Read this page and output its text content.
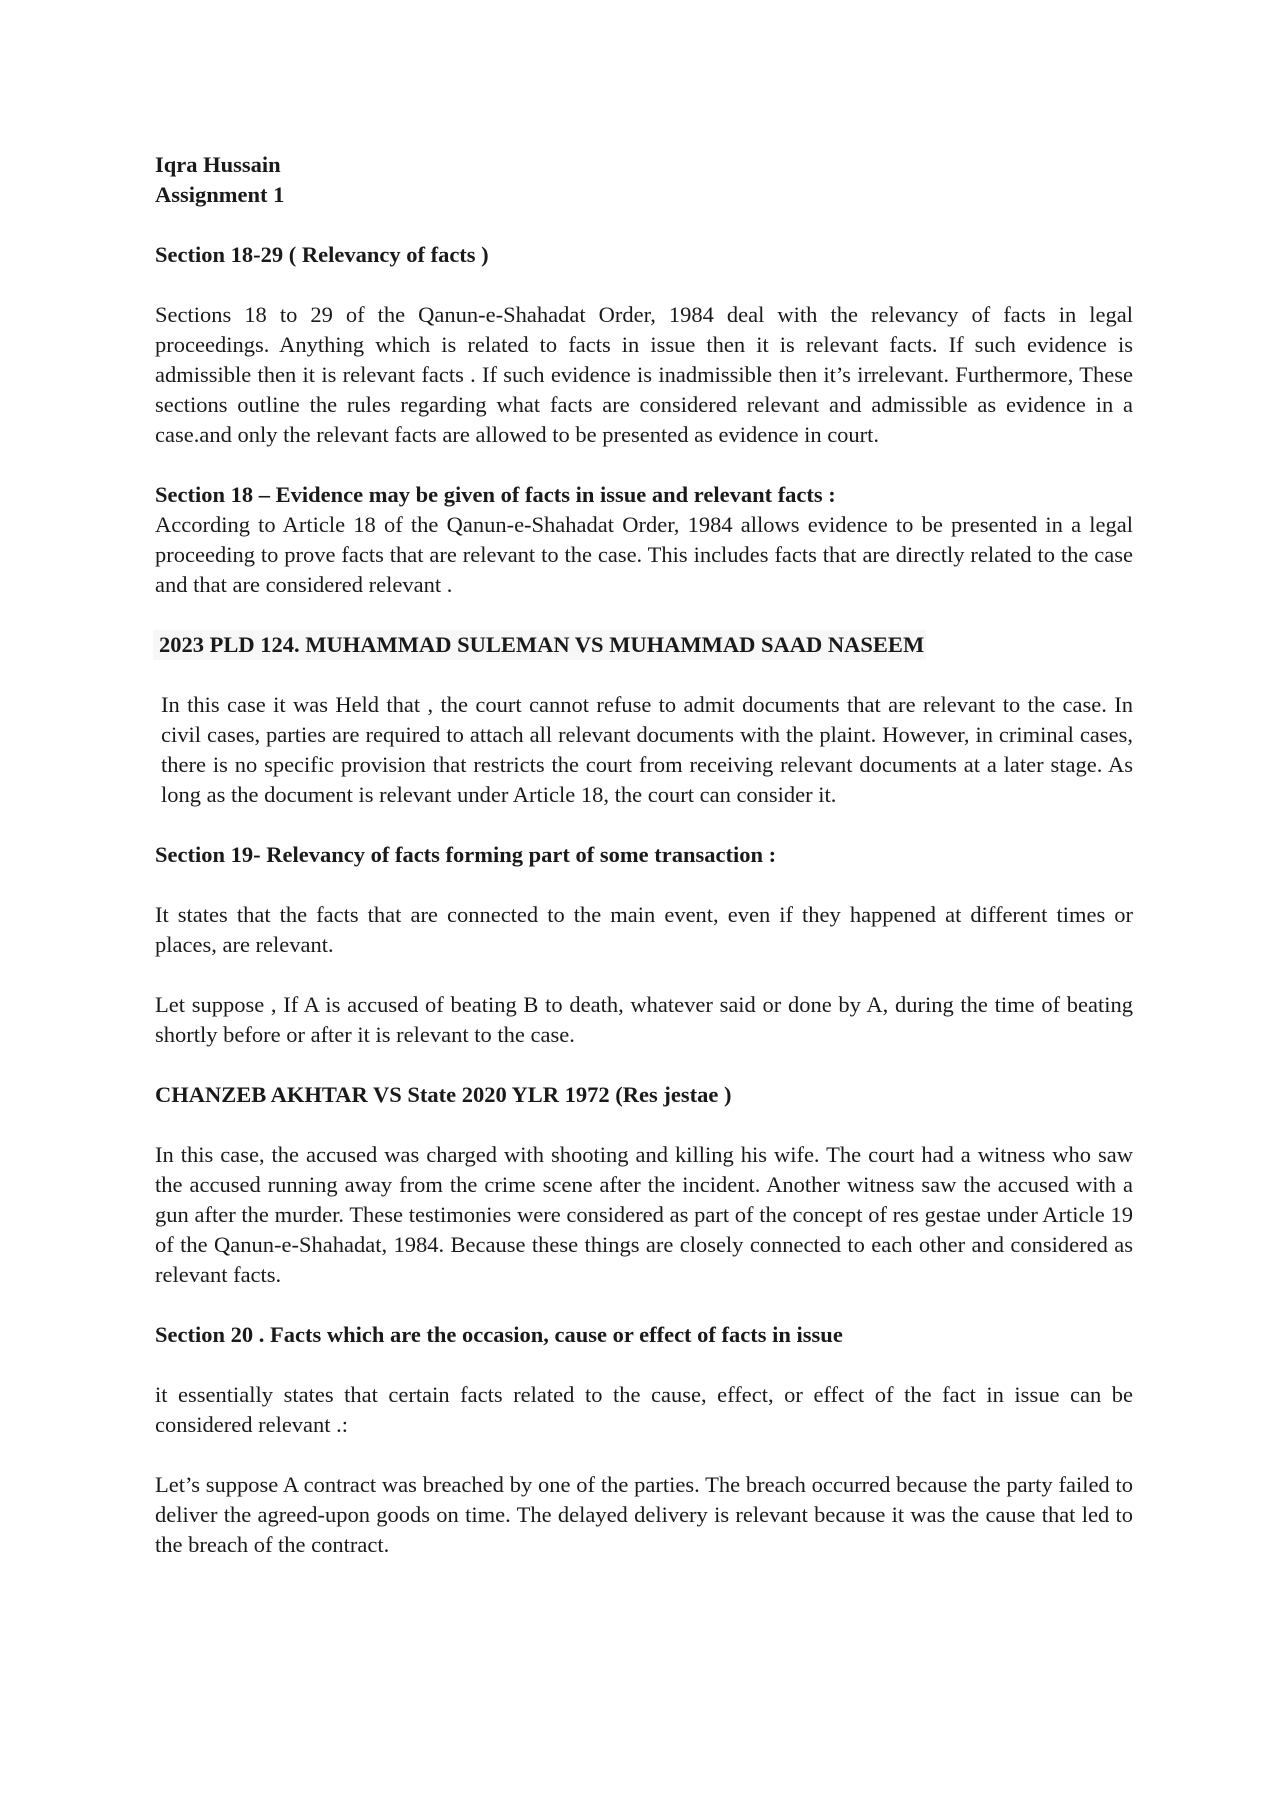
Iqra Hussain

Assignment 1

Section 18-29 ( Relevancy of facts )

Sections 18 to 29 of the Qanun-e-Shahadat Order, 1984 deal with the relevancy of facts in legal proceedings. Anything which is related to facts in issue then it is relevant facts. If such evidence is admissible then it is relevant facts . If such evidence is inadmissible then it’s irrelevant. Furthermore, These sections outline the rules regarding what facts are considered relevant and admissible as evidence in a case.and only the relevant facts are allowed to be presented as evidence in court.

Section 18 – Evidence may be given of facts in issue and relevant facts :

According to Article 18 of the Qanun-e-Shahadat Order, 1984 allows evidence to be presented in a legal proceeding to prove facts that are relevant to the case. This includes facts that are directly related to the case and that are considered relevant .

2023 PLD 124. MUHAMMAD SULEMAN VS MUHAMMAD SAAD NASEEM

In this case it was Held that , the court cannot refuse to admit documents that are relevant to the case. In civil cases, parties are required to attach all relevant documents with the plaint. However, in criminal cases, there is no specific provision that restricts the court from receiving relevant documents at a later stage. As long as the document is relevant under Article 18, the court can consider it.

Section 19- Relevancy of facts forming part of some transaction :

It states that the facts that are connected to the main event, even if they happened at different times or places, are relevant.

Let suppose , If A is accused of beating B to death, whatever said or done by A, during the time of beating shortly before or after it is relevant to the case.

CHANZEB AKHTAR VS State 2020 YLR 1972 (Res jestae )

In this case, the accused was charged with shooting and killing his wife. The court had a witness who saw the accused running away from the crime scene after the incident. Another witness saw the accused with a gun after the murder. These testimonies were considered as part of the concept of res gestae under Article 19 of the Qanun-e-Shahadat, 1984. Because these things are closely connected to each other and considered as relevant facts.

Section 20 . Facts which are the occasion, cause or effect of facts in issue

it essentially states that certain facts related to the cause, effect, or effect of the fact in issue can be considered relevant .:

Let’s suppose A contract was breached by one of the parties. The breach occurred because the party failed to deliver the agreed-upon goods on time. The delayed delivery is relevant because it was the cause that led to the breach of the contract.
